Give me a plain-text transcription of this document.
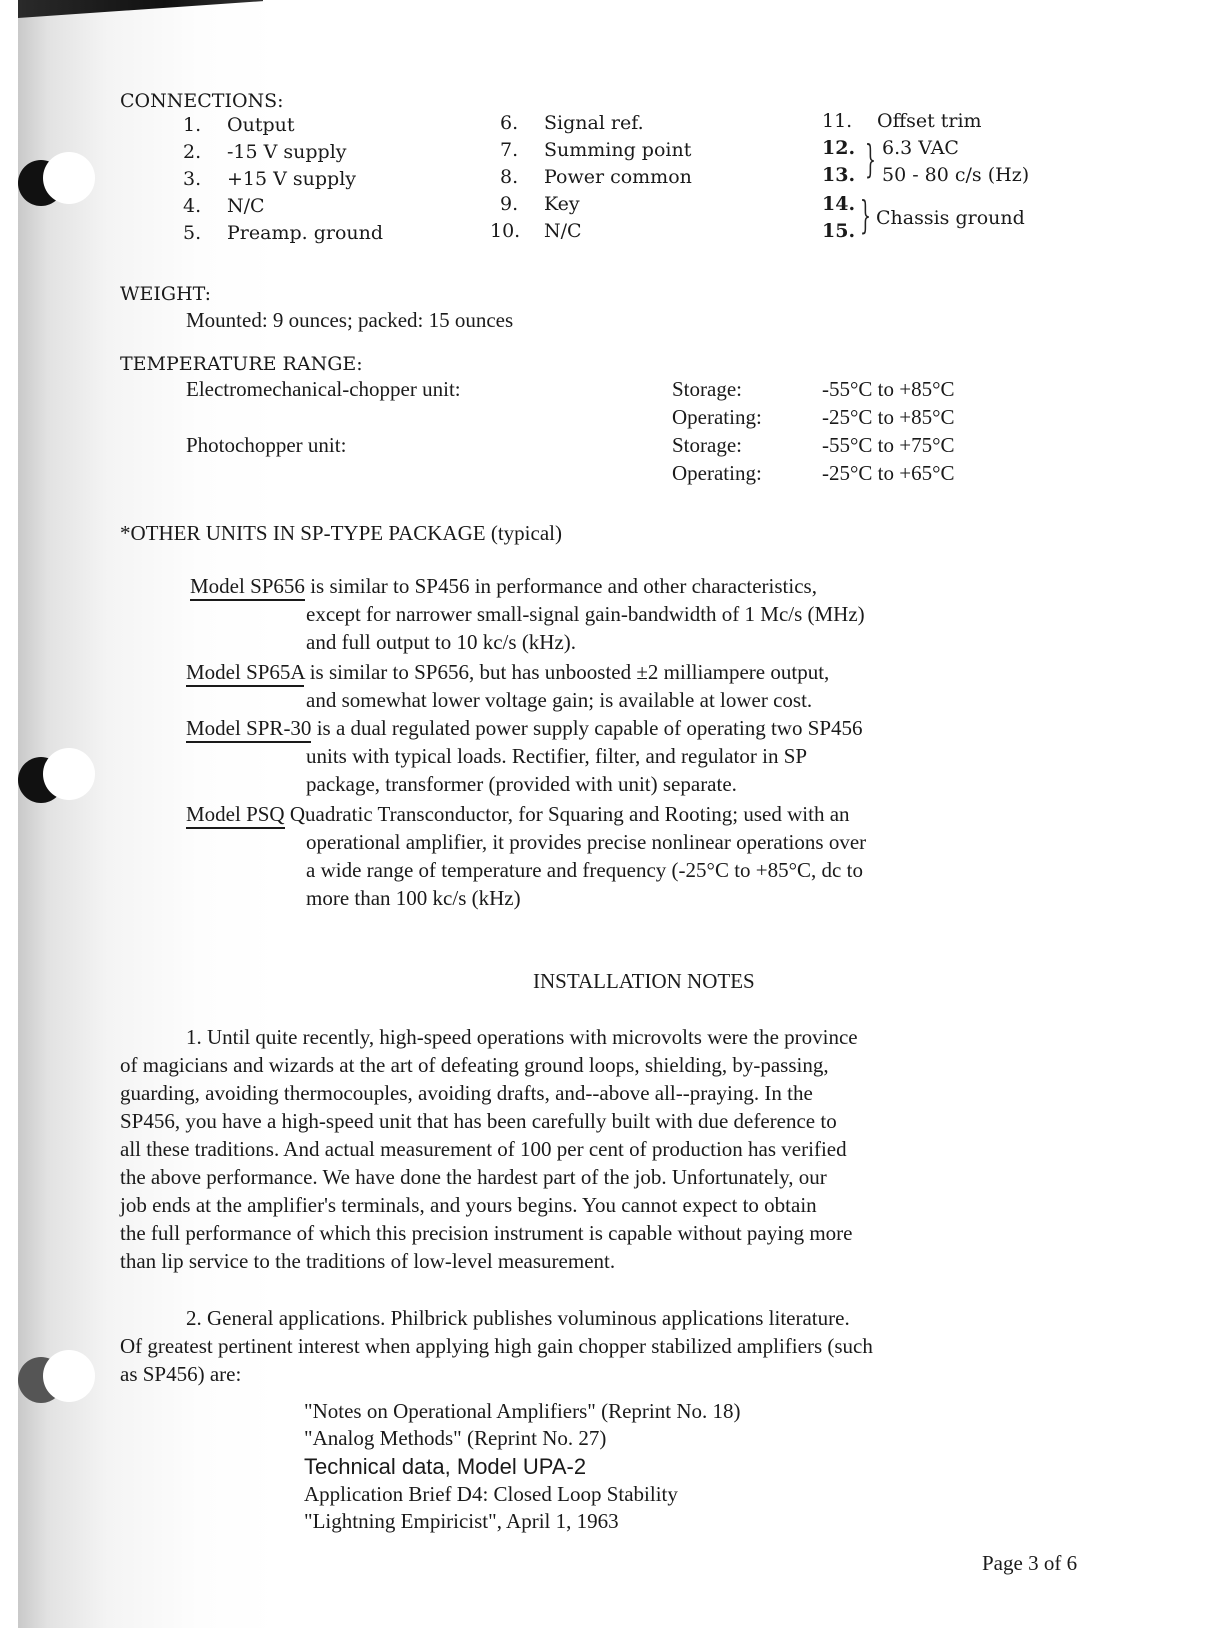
CONNECTIONS:
1. Output
2. -15 V supply
3. +15 V supply
4. N/C
5. Preamp. ground
6. Signal ref.
7. Summing point
8. Power common
9. Key
10. N/C
11. Offset trim
12.
13. } 6.3 VAC
50 - 80 c/s (Hz)
14.
15. } Chassis ground
WEIGHT:
Mounted: 9 ounces; packed: 15 ounces
TEMPERATURE RANGE:
Electromechanical-chopper unit:	Storage:	-55°C to +85°C
Operating:	-25°C to +85°C
Photochopper unit:	Storage:	-55°C to +75°C
Operating:	-25°C to +65°C
*OTHER UNITS IN SP-TYPE PACKAGE (typical)
Model SP656 is similar to SP456 in performance and other characteristics,
except for narrower small-signal gain-bandwidth of 1 Mc/s (MHz)
and full output to 10 kc/s (kHz).
Model SP65A is similar to SP656, but has unboosted ±2 milliampere output,
and somewhat lower voltage gain; is available at lower cost.
Model SPR-30 is a dual regulated power supply capable of operating two SP456
units with typical loads. Rectifier, filter, and regulator in SP
package, transformer (provided with unit) separate.
Model PSQ Quadratic Transconductor, for Squaring and Rooting; used with an
operational amplifier, it provides precise nonlinear operations over
a wide range of temperature and frequency (-25°C to +85°C, dc to
more than 100 kc/s (kHz)
INSTALLATION NOTES
1. Until quite recently, high-speed operations with microvolts were the province
of magicians and wizards at the art of defeating ground loops, shielding, by-passing,
guarding, avoiding thermocouples, avoiding drafts, and--above all--praying. In the
SP456, you have a high-speed unit that has been carefully built with due deference to
all these traditions. And actual measurement of 100 per cent of production has verified
the above performance. We have done the hardest part of the job. Unfortunately, our
job ends at the amplifier's terminals, and yours begins. You cannot expect to obtain
the full performance of which this precision instrument is capable without paying more
than lip service to the traditions of low-level measurement.
2. General applications. Philbrick publishes voluminous applications literature.
Of greatest pertinent interest when applying high gain chopper stabilized amplifiers (such
as SP456) are:
"Notes on Operational Amplifiers" (Reprint No. 18)
"Analog Methods" (Reprint No. 27)
Technical data, Model UPA-2
Application Brief D4: Closed Loop Stability
"Lightning Empiricist", April 1, 1963
Page 3 of 6
